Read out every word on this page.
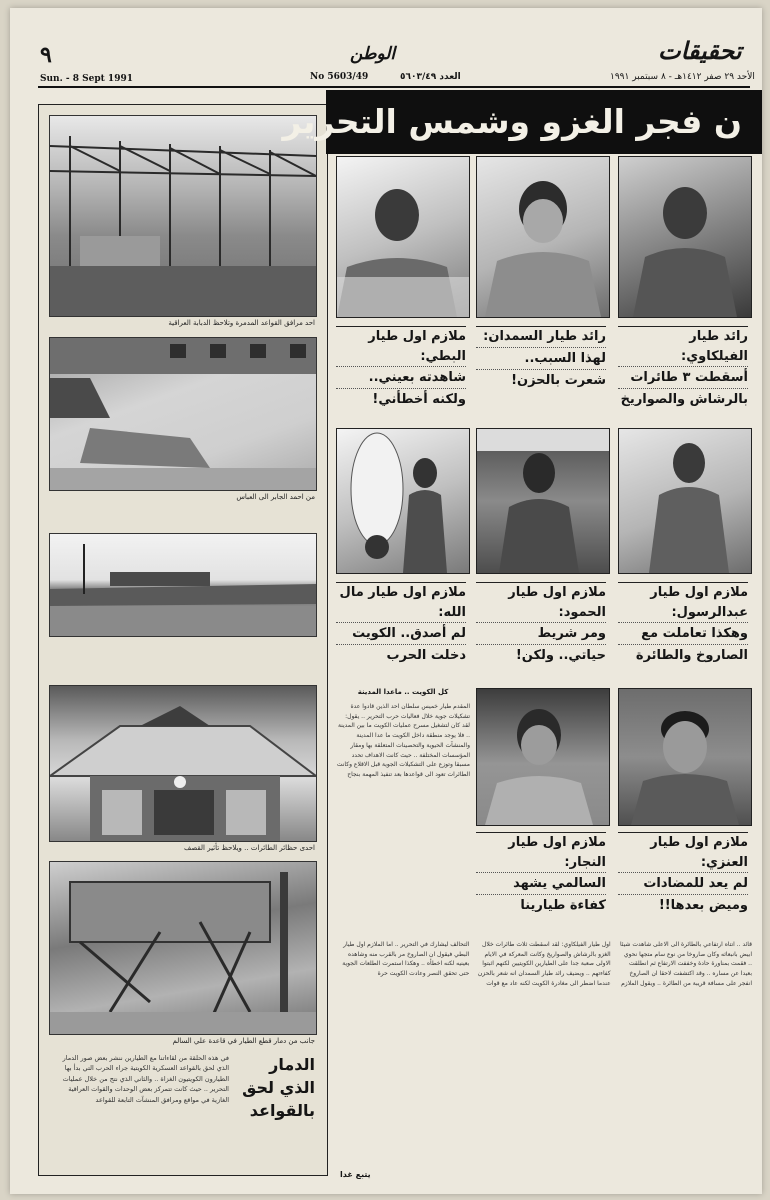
٩
Sun. - 8 Sept 1991
الوطن
No 5603/49	العدد ٥٦٠٣/٤٩	الأحد ٢٩ صفر ١٤١٢هـ - ٨ سبتمبر ١٩٩١
تحقيقات
احد مرافق القواعد المدمرة وتلاحظ الدبابة العراقية
من احمد الجابر الى العباس
احدى حظائر الطائرات .. ويلاحظ تأثير القصف
جانب من دمار قطع الطيار في قاعدة علي السالم
الدمار
الذي لحق
بالقواعد
في هذه الحلقة من لقاءاتنا مع الطيارين ننشر بعض صور الدمار الذي لحق بالقواعد العسكرية الكويتية جراء الحرب التي بدأ بها الطيارون الكويتيون الغزاة .. والثاني الذي نتج من خلال عمليات التحرير .. حيث كانت تتمركز بعض الوحدات والقوات العراقية الغازية في مواقع ومرافق المنشآت التابعة للقواعد
ن فجر الغزو وشمس التحرير
رائد طيار الفيلكاوي:
أسقطت ٣ طائرات
بالرشاش والصواريخ
رائد طيار السمدان:
لهذا السبب..
شعرت بالحزن!
ملازم اول طيار البطي:
شاهدته بعيني..
ولكنه أخطأني!
ملازم اول طيار عبدالرسول:
وهكذا تعاملت مع
الصاروخ والطائرة
ملازم اول طيار الحمود:
ومر شريط
حياتي.. ولكن!
ملازم اول طيار مال الله:
لم أصدق.. الكويت
دخلت الحرب
ملازم اول طيار العنزي:
لم يعد للمضادات
وميض بعدها!!
ملازم اول طيار النجار:
السالمي يشهد
كفاءة طيارينا
كل الكويت .. ماعدا المدينة
المقدم طيار خميس سلطان احد الذين قادوا عدة تشكيلات جوية خلال فعاليات حرب التحرير .. يقول: لقد كان لتشغيل مسرح عمليات الكويت ما بين المدينة .. فلا يوجد منطقة داخل الكويت ما عدا المدينة والمنشآت الحيوية والتحصينات المتعلقة بها ومقار المؤسسات المختلفة .. حيث كانت الاهداف تحدد مسبقا وتوزع على التشكيلات الجوية قبل الاقلاع وكانت الطائرات تعود الى قواعدها بعد تنفيذ المهمة بنجاح
قائد .. انتاه ارتفاعي بالطائرة الى الاعلى شاهدت شيئا ابيض بانبعاثه وكان صاروخا من نوع سام متجها نحوي .. فقمت بمناورة حادة وخففت الارتفاع ثم انطلقت بعيدا عن مساره .. وقد اكتشفت لاحقا ان الصاروخ انفجر على مسافة قريبة من الطائرة .. ويقول الملازم اول طيار الفيلكاوي: لقد اسقطت ثلاث طائرات خلال الغزو بالرشاش والصواريخ وكانت المعركة في الايام الاولى صعبة جدا على الطيارين الكويتيين لكنهم اثبتوا كفاءتهم .. ويضيف رائد طيار السمدان انه شعر بالحزن عندما اضطر الى مغادرة الكويت لكنه عاد مع قوات التحالف ليشارك في التحرير .. اما الملازم اول طيار البطي فيقول ان الصاروخ مر بالقرب منه وشاهده بعينيه لكنه اخطأه .. وهكذا استمرت الطلعات الجوية حتى تحقق النصر وعادت الكويت حرة
يتبع غدا
